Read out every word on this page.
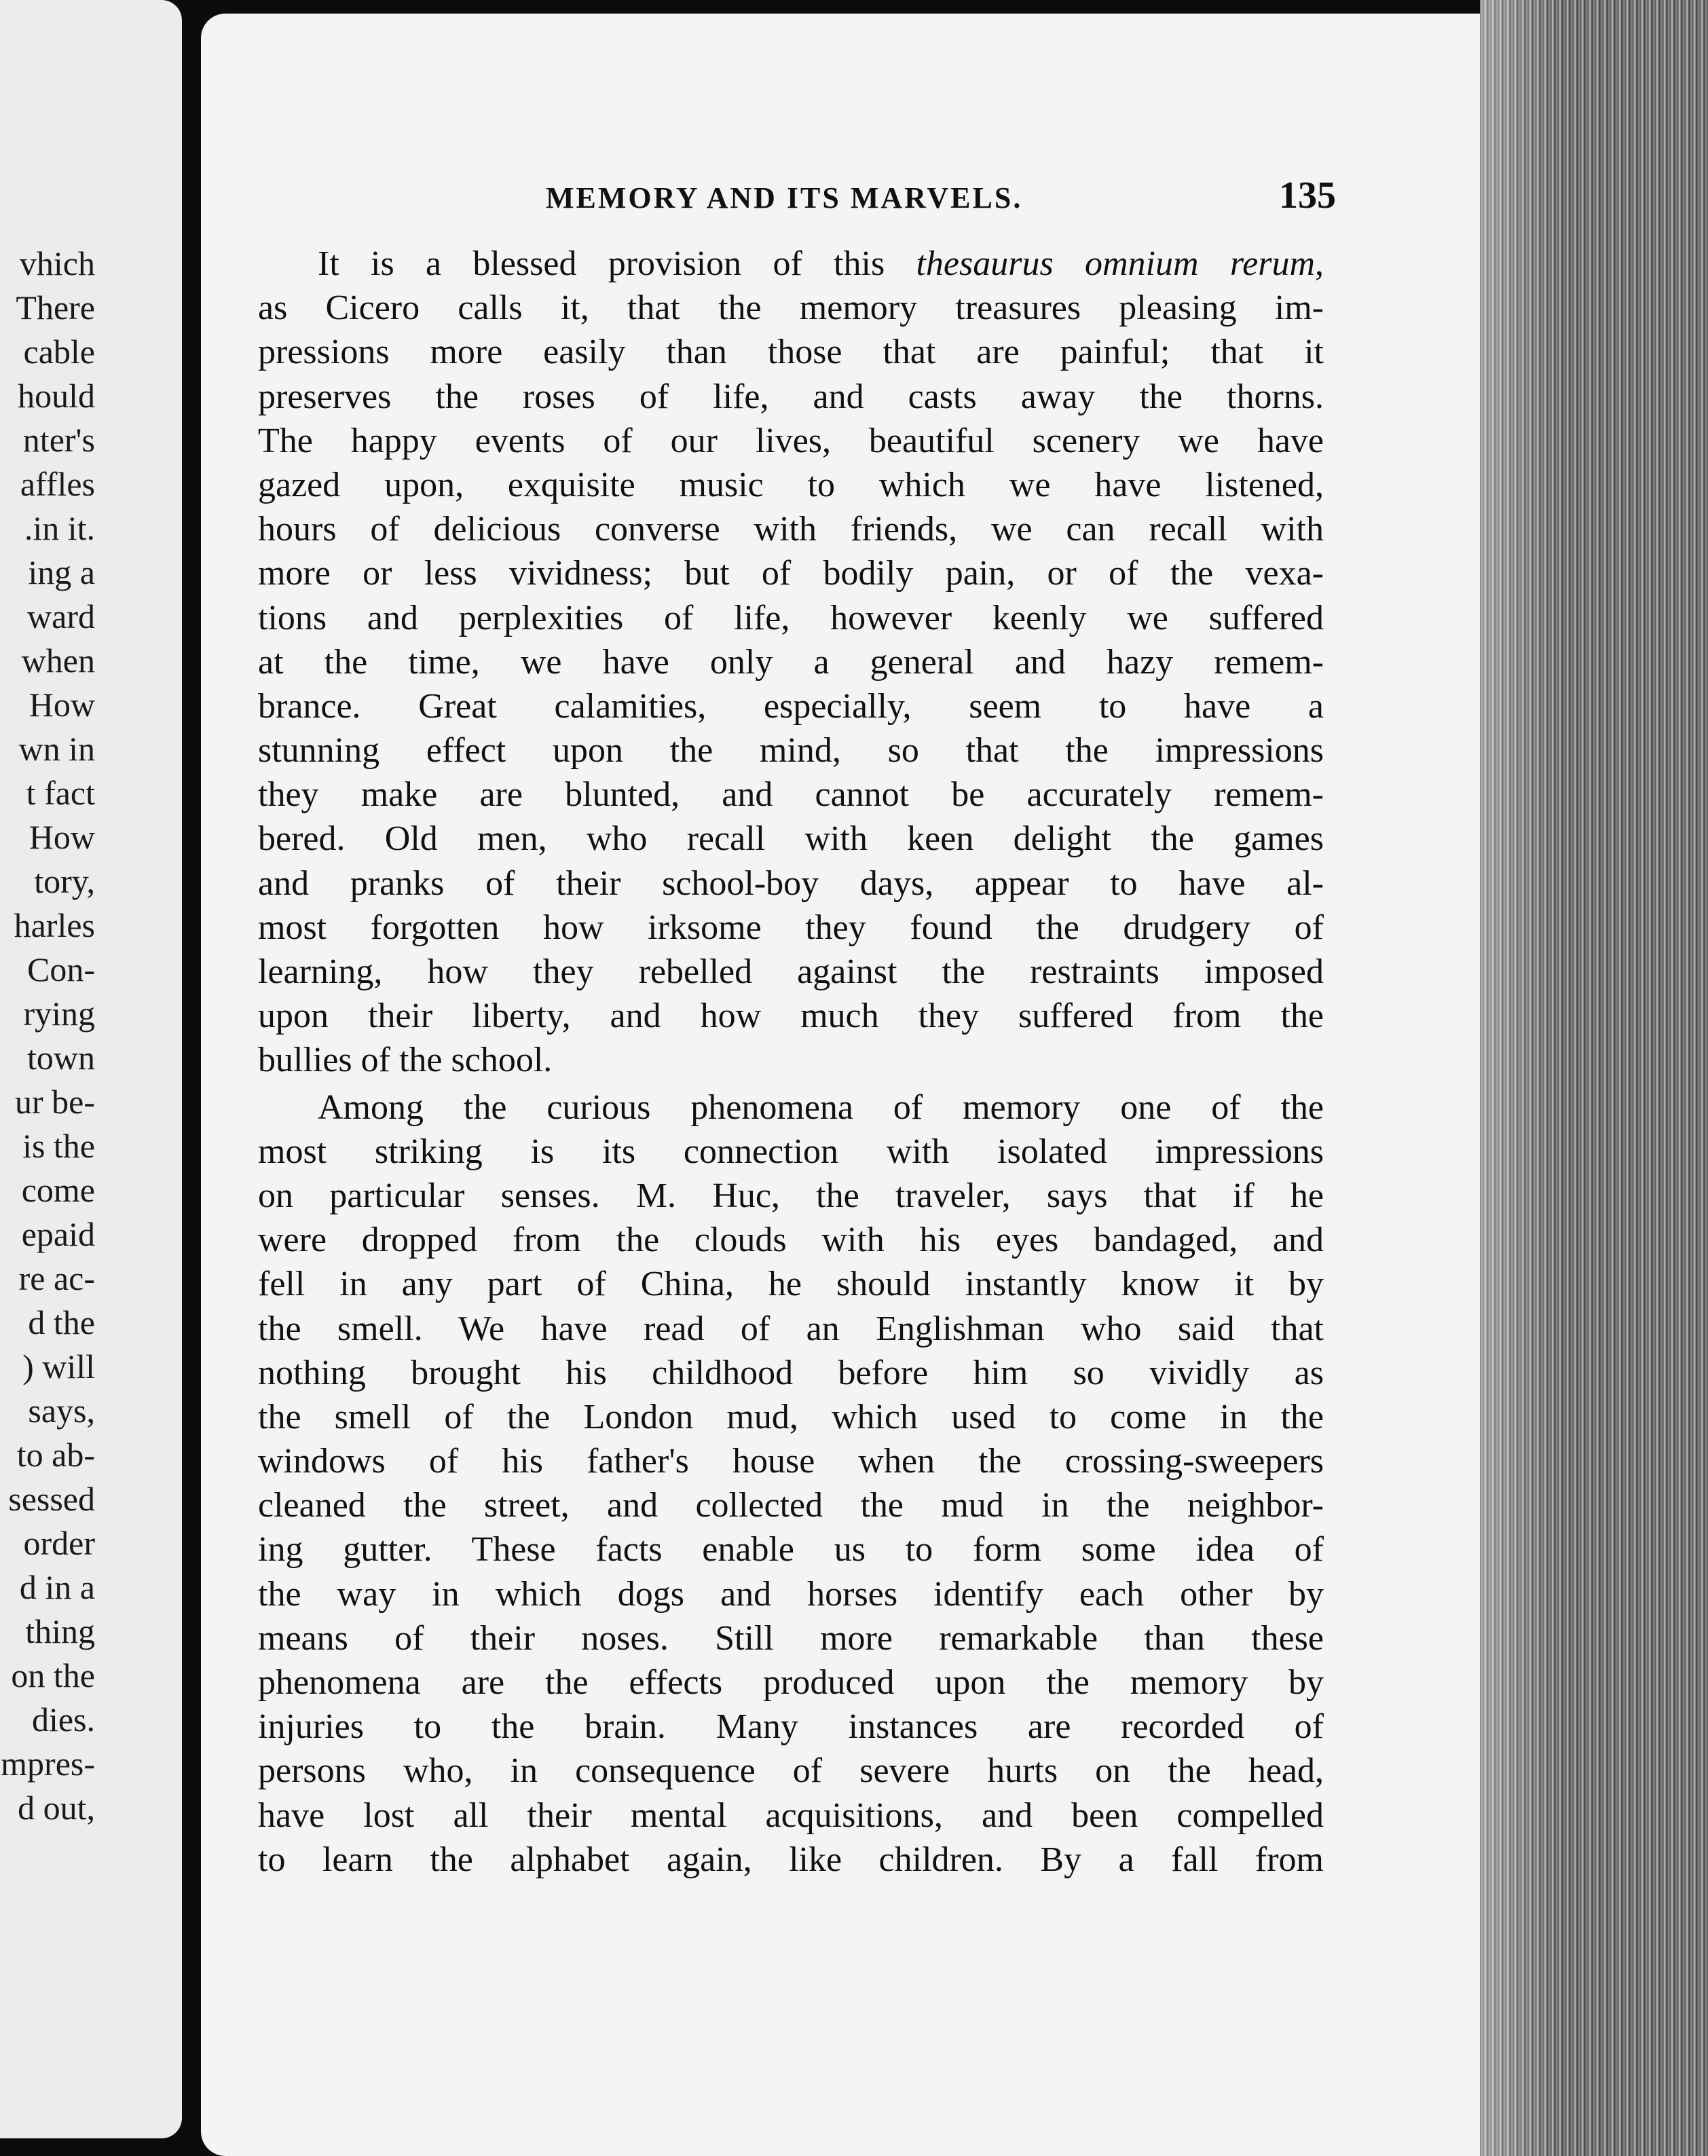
vhich
There
cable
hould
nter's
affles
.in it.
ing a
ward
when
How
wn in
t fact
How
tory,
harles
Con-
rying
town
ur be-
is the
come
epaid
re ac-
d the
) will
says,
to ab-
sessed
order
d in a
thing
on the
dies.
mpres-
d out,
MEMORY AND ITS MARVELS.	135
It is a blessed provision of this thesaurus omnium rerum,
as Cicero calls it, that the memory treasures pleasing im-
pressions more easily than those that are painful; that it
preserves the roses of life, and casts away the thorns.
The happy events of our lives, beautiful scenery we have
gazed upon, exquisite music to which we have listened,
hours of delicious converse with friends, we can recall with
more or less vividness; but of bodily pain, or of the vexa-
tions and perplexities of life, however keenly we suffered
at the time, we have only a general and hazy remem-
brance. Great calamities, especially, seem to have a
stunning effect upon the mind, so that the impressions
they make are blunted, and cannot be accurately remem-
bered. Old men, who recall with keen delight the games
and pranks of their school-boy days, appear to have al-
most forgotten how irksome they found the drudgery of
learning, how they rebelled against the restraints imposed
upon their liberty, and how much they suffered from the
bullies of the school.
Among the curious phenomena of memory one of the
most striking is its connection with isolated impressions
on particular senses. M. Huc, the traveler, says that if he
were dropped from the clouds with his eyes bandaged, and
fell in any part of China, he should instantly know it by
the smell. We have read of an Englishman who said that
nothing brought his childhood before him so vividly as
the smell of the London mud, which used to come in the
windows of his father's house when the crossing-sweepers
cleaned the street, and collected the mud in the neighbor-
ing gutter. These facts enable us to form some idea of
the way in which dogs and horses identify each other by
means of their noses. Still more remarkable than these
phenomena are the effects produced upon the memory by
injuries to the brain. Many instances are recorded of
persons who, in consequence of severe hurts on the head,
have lost all their mental acquisitions, and been compelled
to learn the alphabet again, like children. By a fall from
